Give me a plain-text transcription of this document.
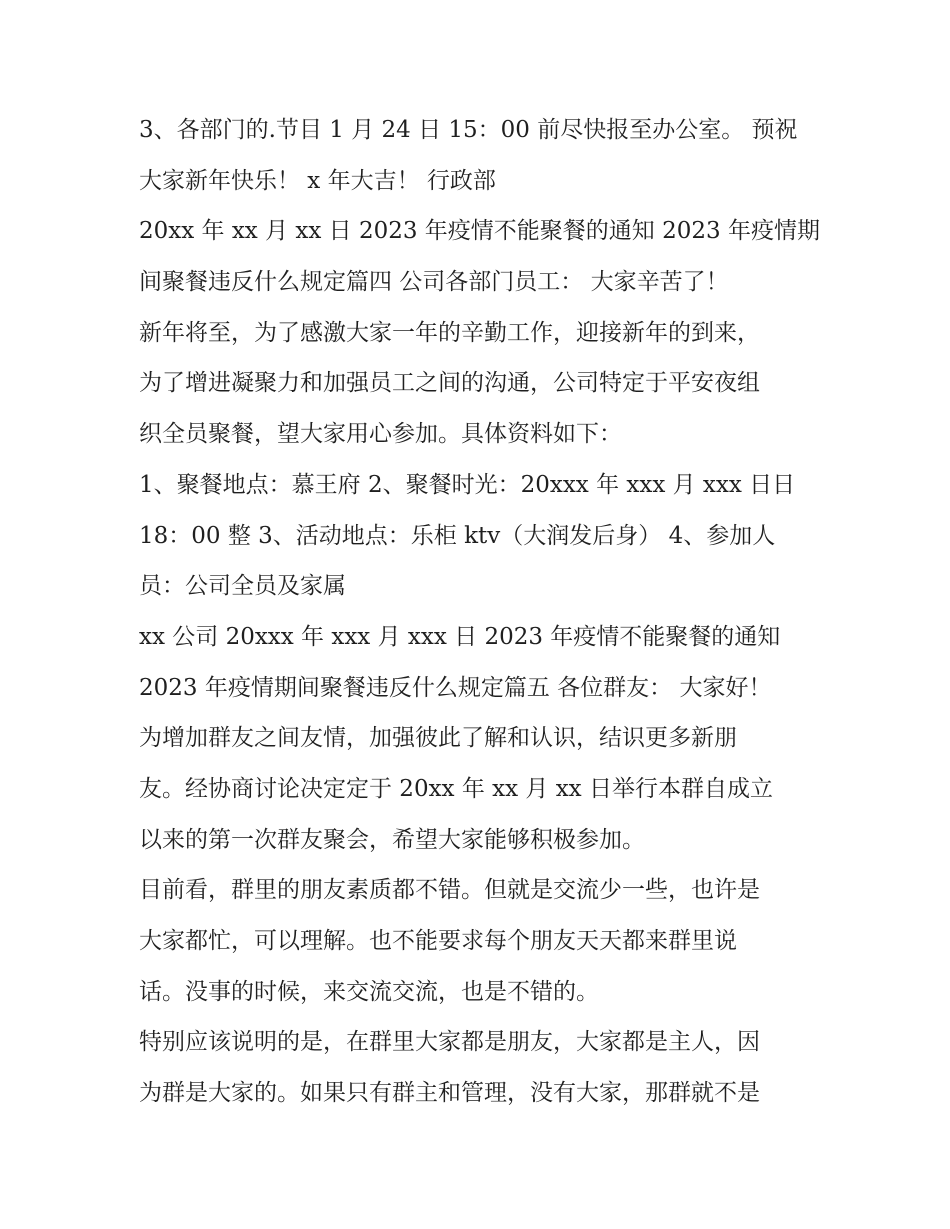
3、各部门的.节目 1 月 24 日 15：00 前尽快报至办公室。 预祝
大家新年快乐！ x 年大吉！ 行政部
20xx 年 xx 月 xx 日 2023 年疫情不能聚餐的通知 2023 年疫情期
间聚餐违反什么规定篇四 公司各部门员工： 大家辛苦了！
新年将至，为了感激大家一年的辛勤工作，迎接新年的到来，
为了增进凝聚力和加强员工之间的沟通，公司特定于平安夜组
织全员聚餐，望大家用心参加。具体资料如下：
1、聚餐地点：慕王府 2、聚餐时光：20xxx 年 xxx 月 xxx 日日
18：00 整 3、活动地点：乐柜 ktv（大润发后身） 4、参加人
员：公司全员及家属
xx 公司 20xxx 年 xxx 月 xxx 日 2023 年疫情不能聚餐的通知
2023 年疫情期间聚餐违反什么规定篇五 各位群友： 大家好！
为增加群友之间友情，加强彼此了解和认识，结识更多新朋
友。经协商讨论决定定于 20xx 年 xx 月 xx 日举行本群自成立
以来的第一次群友聚会，希望大家能够积极参加。
目前看，群里的朋友素质都不错。但就是交流少一些，也许是
大家都忙，可以理解。也不能要求每个朋友天天都来群里说
话。没事的时候，来交流交流，也是不错的。
特别应该说明的是，在群里大家都是朋友，大家都是主人，因
为群是大家的。如果只有群主和管理，没有大家，那群就不是
